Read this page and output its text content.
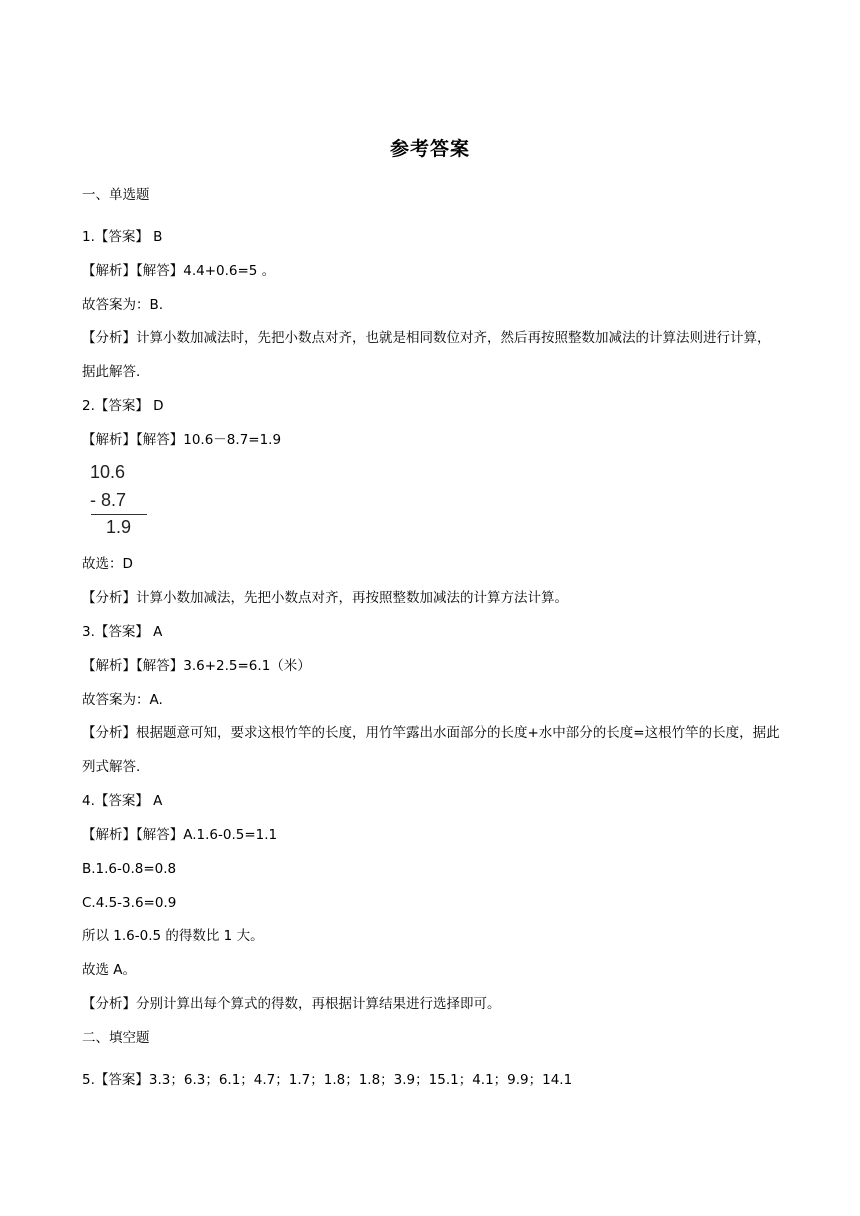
参考答案
一、单选题
1.【答案】 B
【解析】【解答】4.4+0.6=5 。
故答案为：B.
【分析】计算小数加减法时，先把小数点对齐，也就是相同数位对齐，然后再按照整数加减法的计算法则进行计算，据此解答.
2.【答案】 D
【解析】【解答】10.6－8.7=1.9
10.6
- 8.7
1.9
故选：D
【分析】计算小数加减法，先把小数点对齐，再按照整数加减法的计算方法计算。
3.【答案】 A
【解析】【解答】3.6+2.5=6.1（米）
故答案为：A.
【分析】根据题意可知，要求这根竹竿的长度，用竹竿露出水面部分的长度+水中部分的长度=这根竹竿的长度，据此列式解答.
4.【答案】 A
【解析】【解答】A.1.6-0.5=1.1
B.1.6-0.8=0.8
C.4.5-3.6=0.9
所以 1.6-0.5 的得数比 1 大。
故选 A。
【分析】分别计算出每个算式的得数，再根据计算结果进行选择即可。
二、填空题
5.【答案】3.3；6.3；6.1；4.7；1.7；1.8；1.8；3.9；15.1；4.1；9.9；14.1
